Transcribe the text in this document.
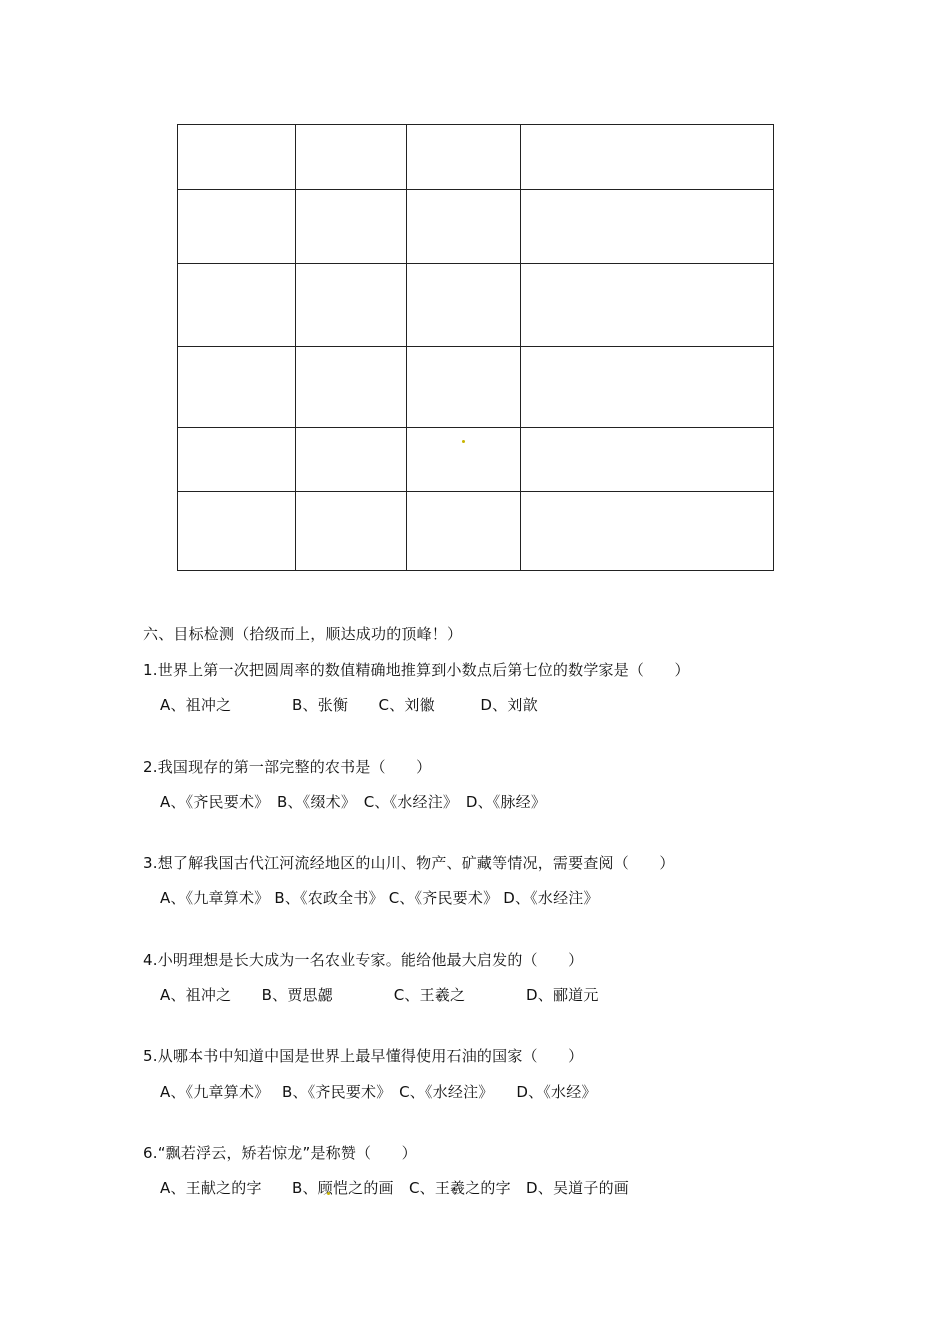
六、目标检测（拾级而上，顺达成功的顶峰！）
1.世界上第一次把圆周率的数值精确地推算到小数点后第七位的数学家是（　　）
A、祖冲之　　　　B、张衡　　C、刘徽　　　D、刘歆
2.我国现存的第一部完整的农书是（　　）
A、《齐民要术》　B、《缀术》　C、《水经注》　D、《脉经》
3.想了解我国古代江河流经地区的山川、物产、矿藏等情况，需要查阅（　　）
A、《九章算术》 B、《农政全书》 C、《齐民要术》 D、《水经注》
4.小明理想是长大成为一名农业专家。能给他最大启发的（　　）
A、祖冲之　　B、贾思勰　　　　C、王羲之　　　　D、郦道元
5.从哪本书中知道中国是世界上最早懂得使用石油的国家（　　）
A、《九章算术》　 B、《齐民要术》　C、《水经注》　　D、《水经》
6.“飘若浮云，矫若惊龙”是称赞（　　）
A、王献之的字　　B、顾恺之的画　C、王羲之的字　D、吴道子的画
